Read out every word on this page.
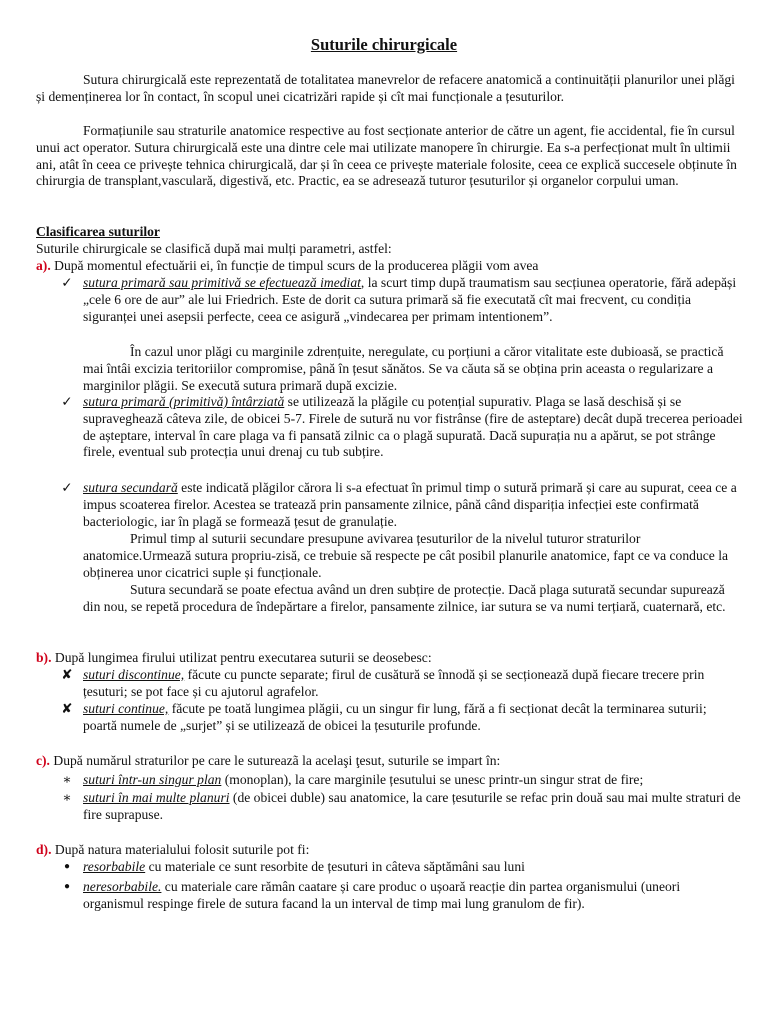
Suturile chirurgicale
Sutura chirurgicală este reprezentată de totalitatea manevrelor de refacere anatomică a continuității planurilor unei plăgi și demenținerea lor în contact, în scopul unei cicatrizări rapide și cît mai funcționale a țesuturilor.
Formațiunile sau straturile anatomice respective au fost secționate anterior de către un agent, fie accidental, fie în cursul unui act operator. Sutura chirurgicală este una dintre cele mai utilizate manopere în chirurgie. Ea s-a perfecționat mult în ultimii ani, atât în ceea ce privește tehnica chirurgicală, dar și în ceea ce privește materiale folosite, ceea ce explică succesele obținute în chirurgia de transplant,vasculară, digestivă, etc. Practic, ea se adresează tuturor țesuturilor și organelor corpului uman.
Clasificarea suturilor
Suturile chirurgicale se clasifică după mai mulți parametri, astfel:
a). După momentul efectuării ei, în funcție de timpul scurs de la producerea plăgii vom avea
✓ sutura primară sau primitivă se efectuează imediat, la scurt timp după traumatism sau secțiunea operatorie, fără adepăși „cele 6 ore de aur” ale lui Friedrich. Este de dorit ca sutura primară să fie executată cît mai frecvent, cu condiția siguranței unei asepsii perfecte, ceea ce asigură „vindecarea per primam intentionem”.
În cazul unor plăgi cu marginile zdrențuite, neregulate, cu porțiuni a căror vitalitate este dubioasă, se practică mai întâi excizia teritoriilor compromise, până în țesut sănătos. Se va căuta să se obțina prin aceasta o regularizare a marginilor plăgii. Se execută sutura primară după excizie.
✓ sutura primară (primitivă) întârziată se utilizează la plăgile cu potențial supurativ. Plaga se lasă deschisă și se supraveghează câteva zile, de obicei 5-7. Firele de sutură nu vor fistrânse (fire de asteptare) decât după trecerea perioadei de așteptare, interval în care plaga va fi pansată zilnic ca o plagă supurată. Dacă supurația nu a apărut, se pot strânge firele, eventual sub protecția unui drenaj cu tub subțire.
✓ sutura secundară este indicată plăgilor cărora li s-a efectuat în primul timp o sutură primară și care au supurat, ceea ce a impus scoaterea firelor. Acestea se tratează prin pansamente zilnice, până când dispariția infecției este confirmată bacteriologic, iar în plagă se formează țesut de granulație.
Primul timp al suturii secundare presupune avivarea țesuturilor de la nivelul tuturor straturilor anatomice.Urmează sutura propriu-zisă, ce trebuie să respecte pe cât posibil planurile anatomice, fapt ce va conduce la obținerea unor cicatrici suple și funcționale.
Sutura secundară se poate efectua având un dren subțire de protecție. Dacă plaga suturată secundar supurează din nou, se repetă procedura de îndepărtare a firelor, pansamente zilnice, iar sutura se va numi terțiară, cuaternară, etc.
b). După lungimea firului utilizat pentru executarea suturii se deosebesc:
✘ suturi discontinue, făcute cu puncte separate; firul de cusătură se înnodă și se secționează după fiecare trecere prin țesuturi; se pot face și cu ajutorul agrafelor.
✘ suturi continue, făcute pe toată lungimea plăgii, cu un singur fir lung, fără a fi secționat decât la terminarea suturii; poartă numele de „surjet” și se utilizează de obicei la țesuturile profunde.
c). După numărul straturilor pe care le sutureazã la acelaşi ţesut, suturile se impart în:
∗ suturi într-un singur plan (monoplan), la care marginile țesutului se unesc printr-un singur strat de fire;
∗ suturi în mai multe planuri (de obicei duble) sau anatomice, la care țesuturile se refac prin două sau mai multe straturi de fire suprapuse.
d). După natura materialului folosit suturile pot fi:
● resorbabile cu materiale ce sunt resorbite de țesuturi in câteva săptămâni sau luni
● neresorbabile. cu materiale care rămân caatare și care produc o ușoară reacție din partea organismului (uneori organismul respinge firele de sutura facand la un interval de timp mai lung granulom de fir).
